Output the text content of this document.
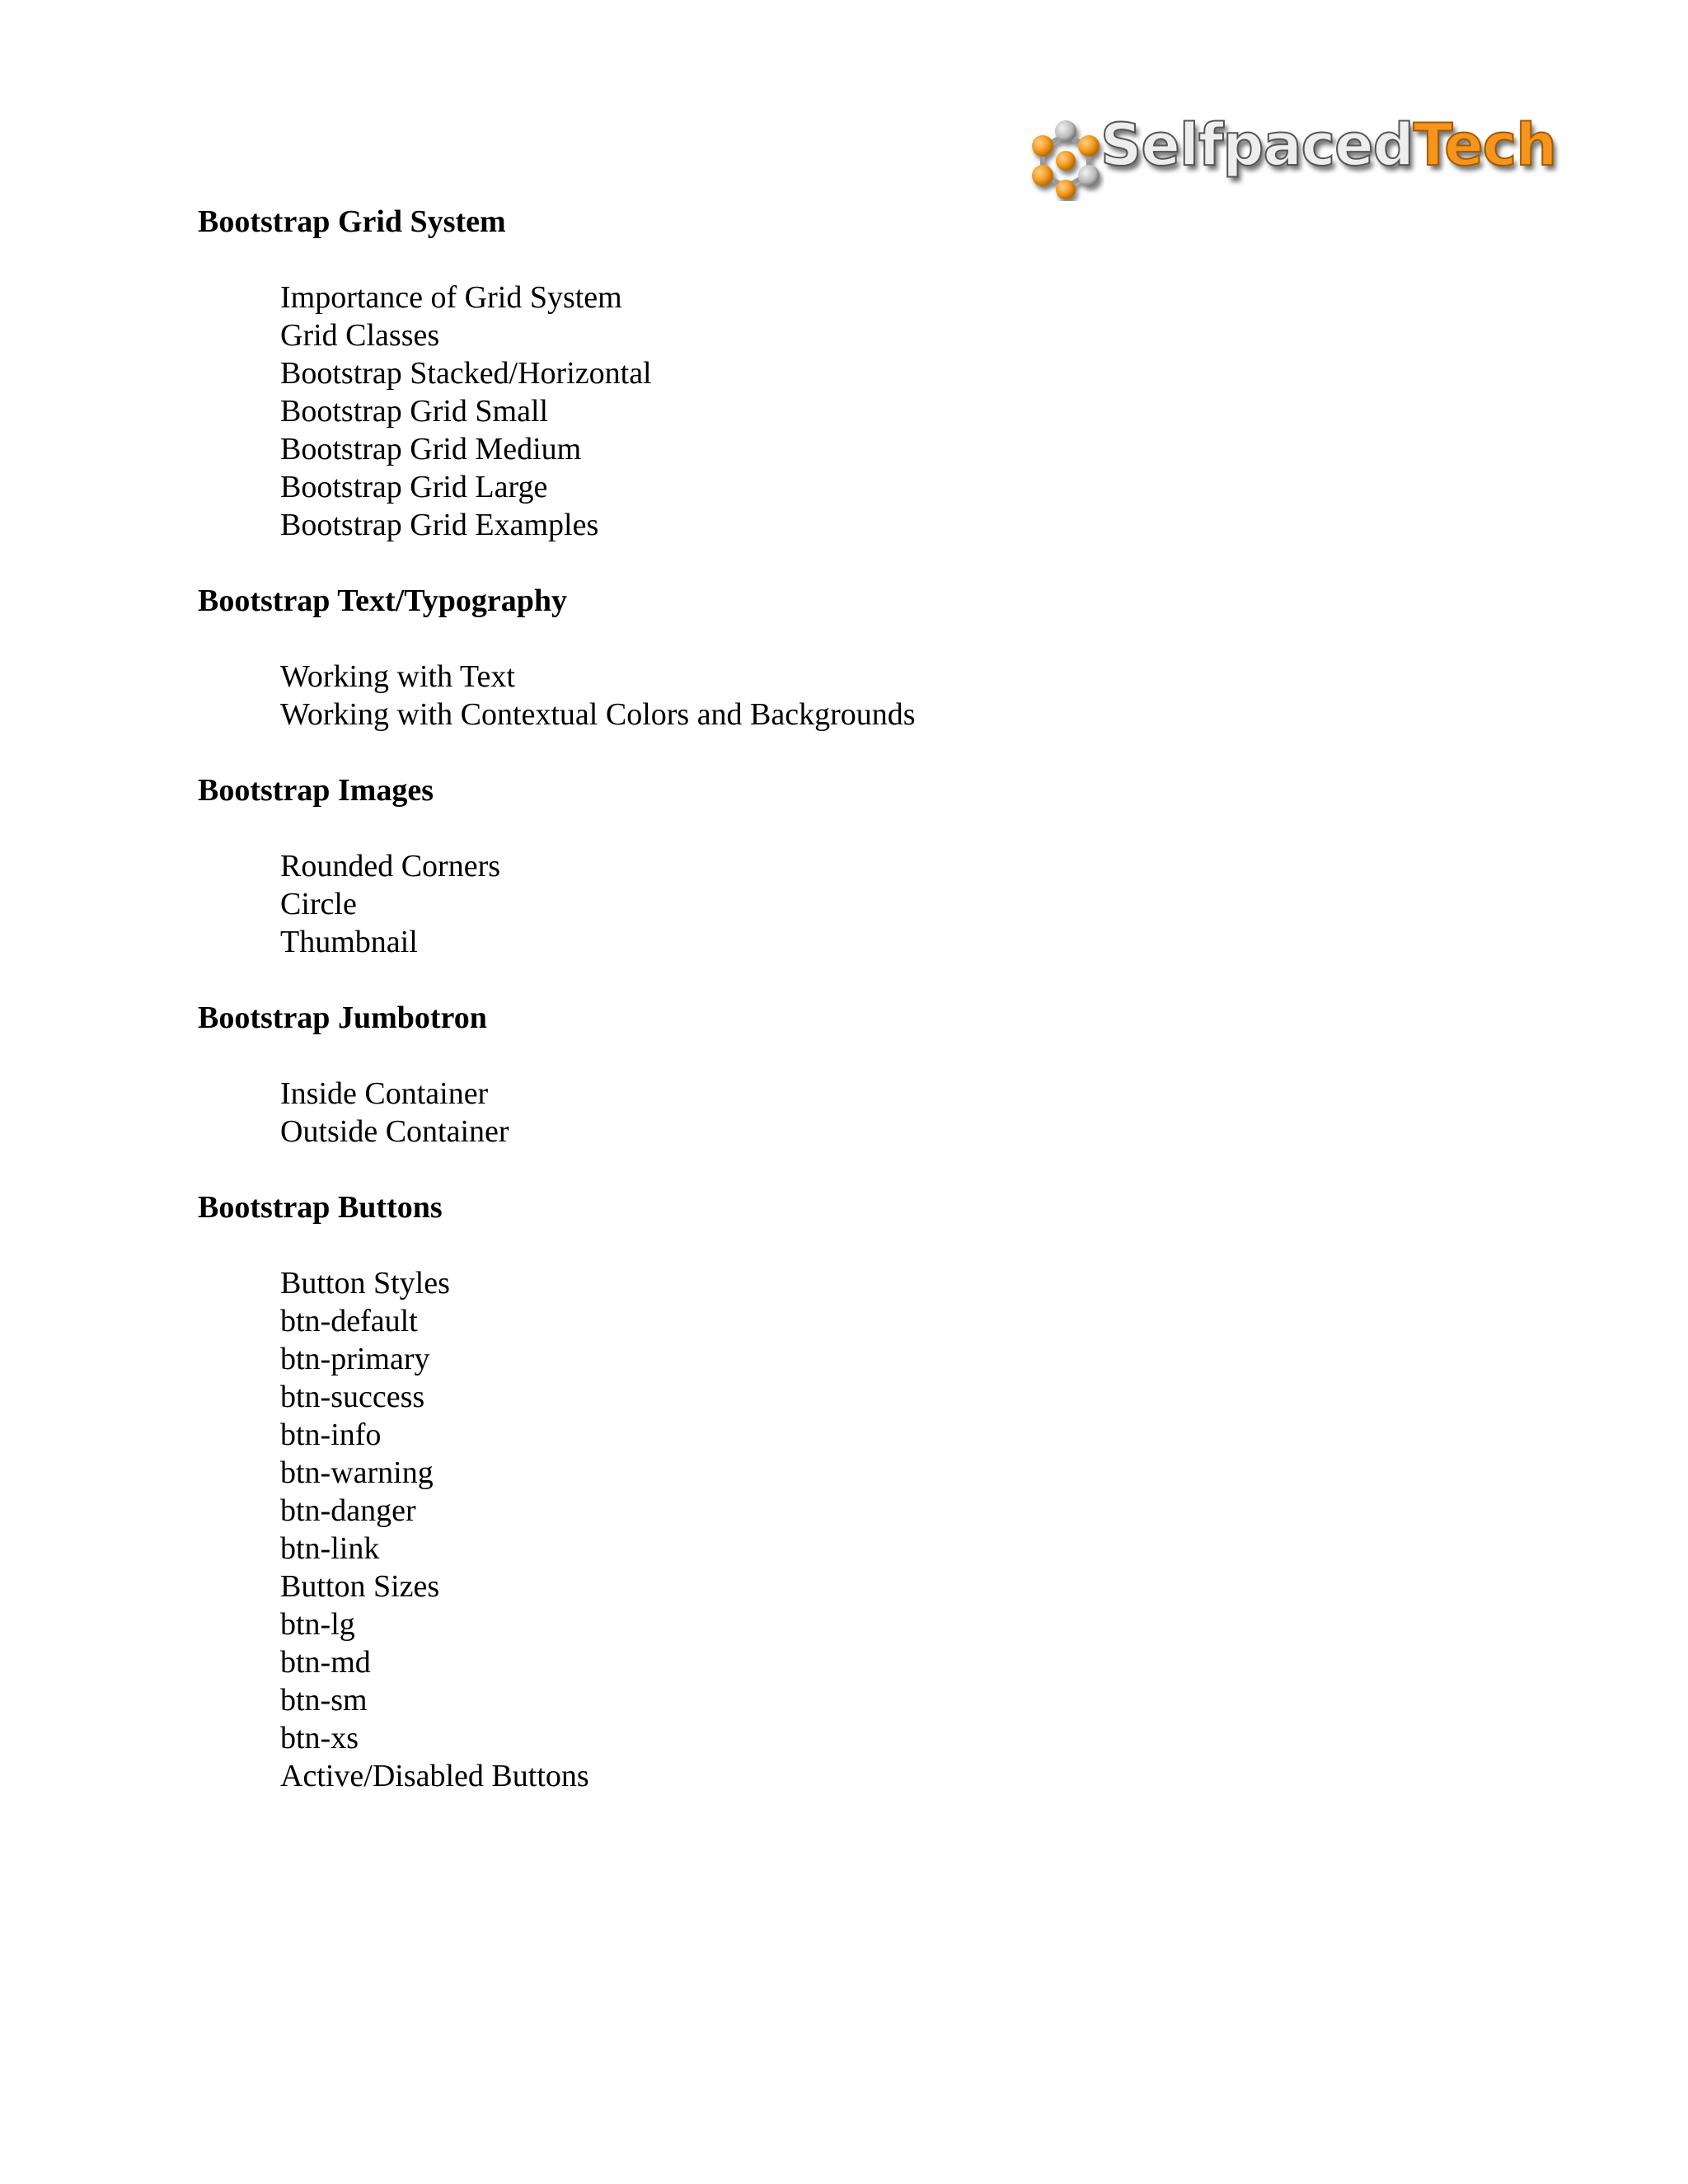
SelfpacedTech
Bootstrap Grid System
Importance of Grid System
Grid Classes
Bootstrap Stacked/Horizontal
Bootstrap Grid Small
Bootstrap Grid Medium
Bootstrap Grid Large
Bootstrap Grid Examples
Bootstrap Text/Typography
Working with Text
Working with Contextual Colors and Backgrounds
Bootstrap Images
Rounded Corners
Circle
Thumbnail
Bootstrap Jumbotron
Inside Container
Outside Container
Bootstrap Buttons
Button Styles
btn-default
btn-primary
btn-success
btn-info
btn-warning
btn-danger
btn-link
Button Sizes
btn-lg
btn-md
btn-sm
btn-xs
Active/Disabled Buttons
